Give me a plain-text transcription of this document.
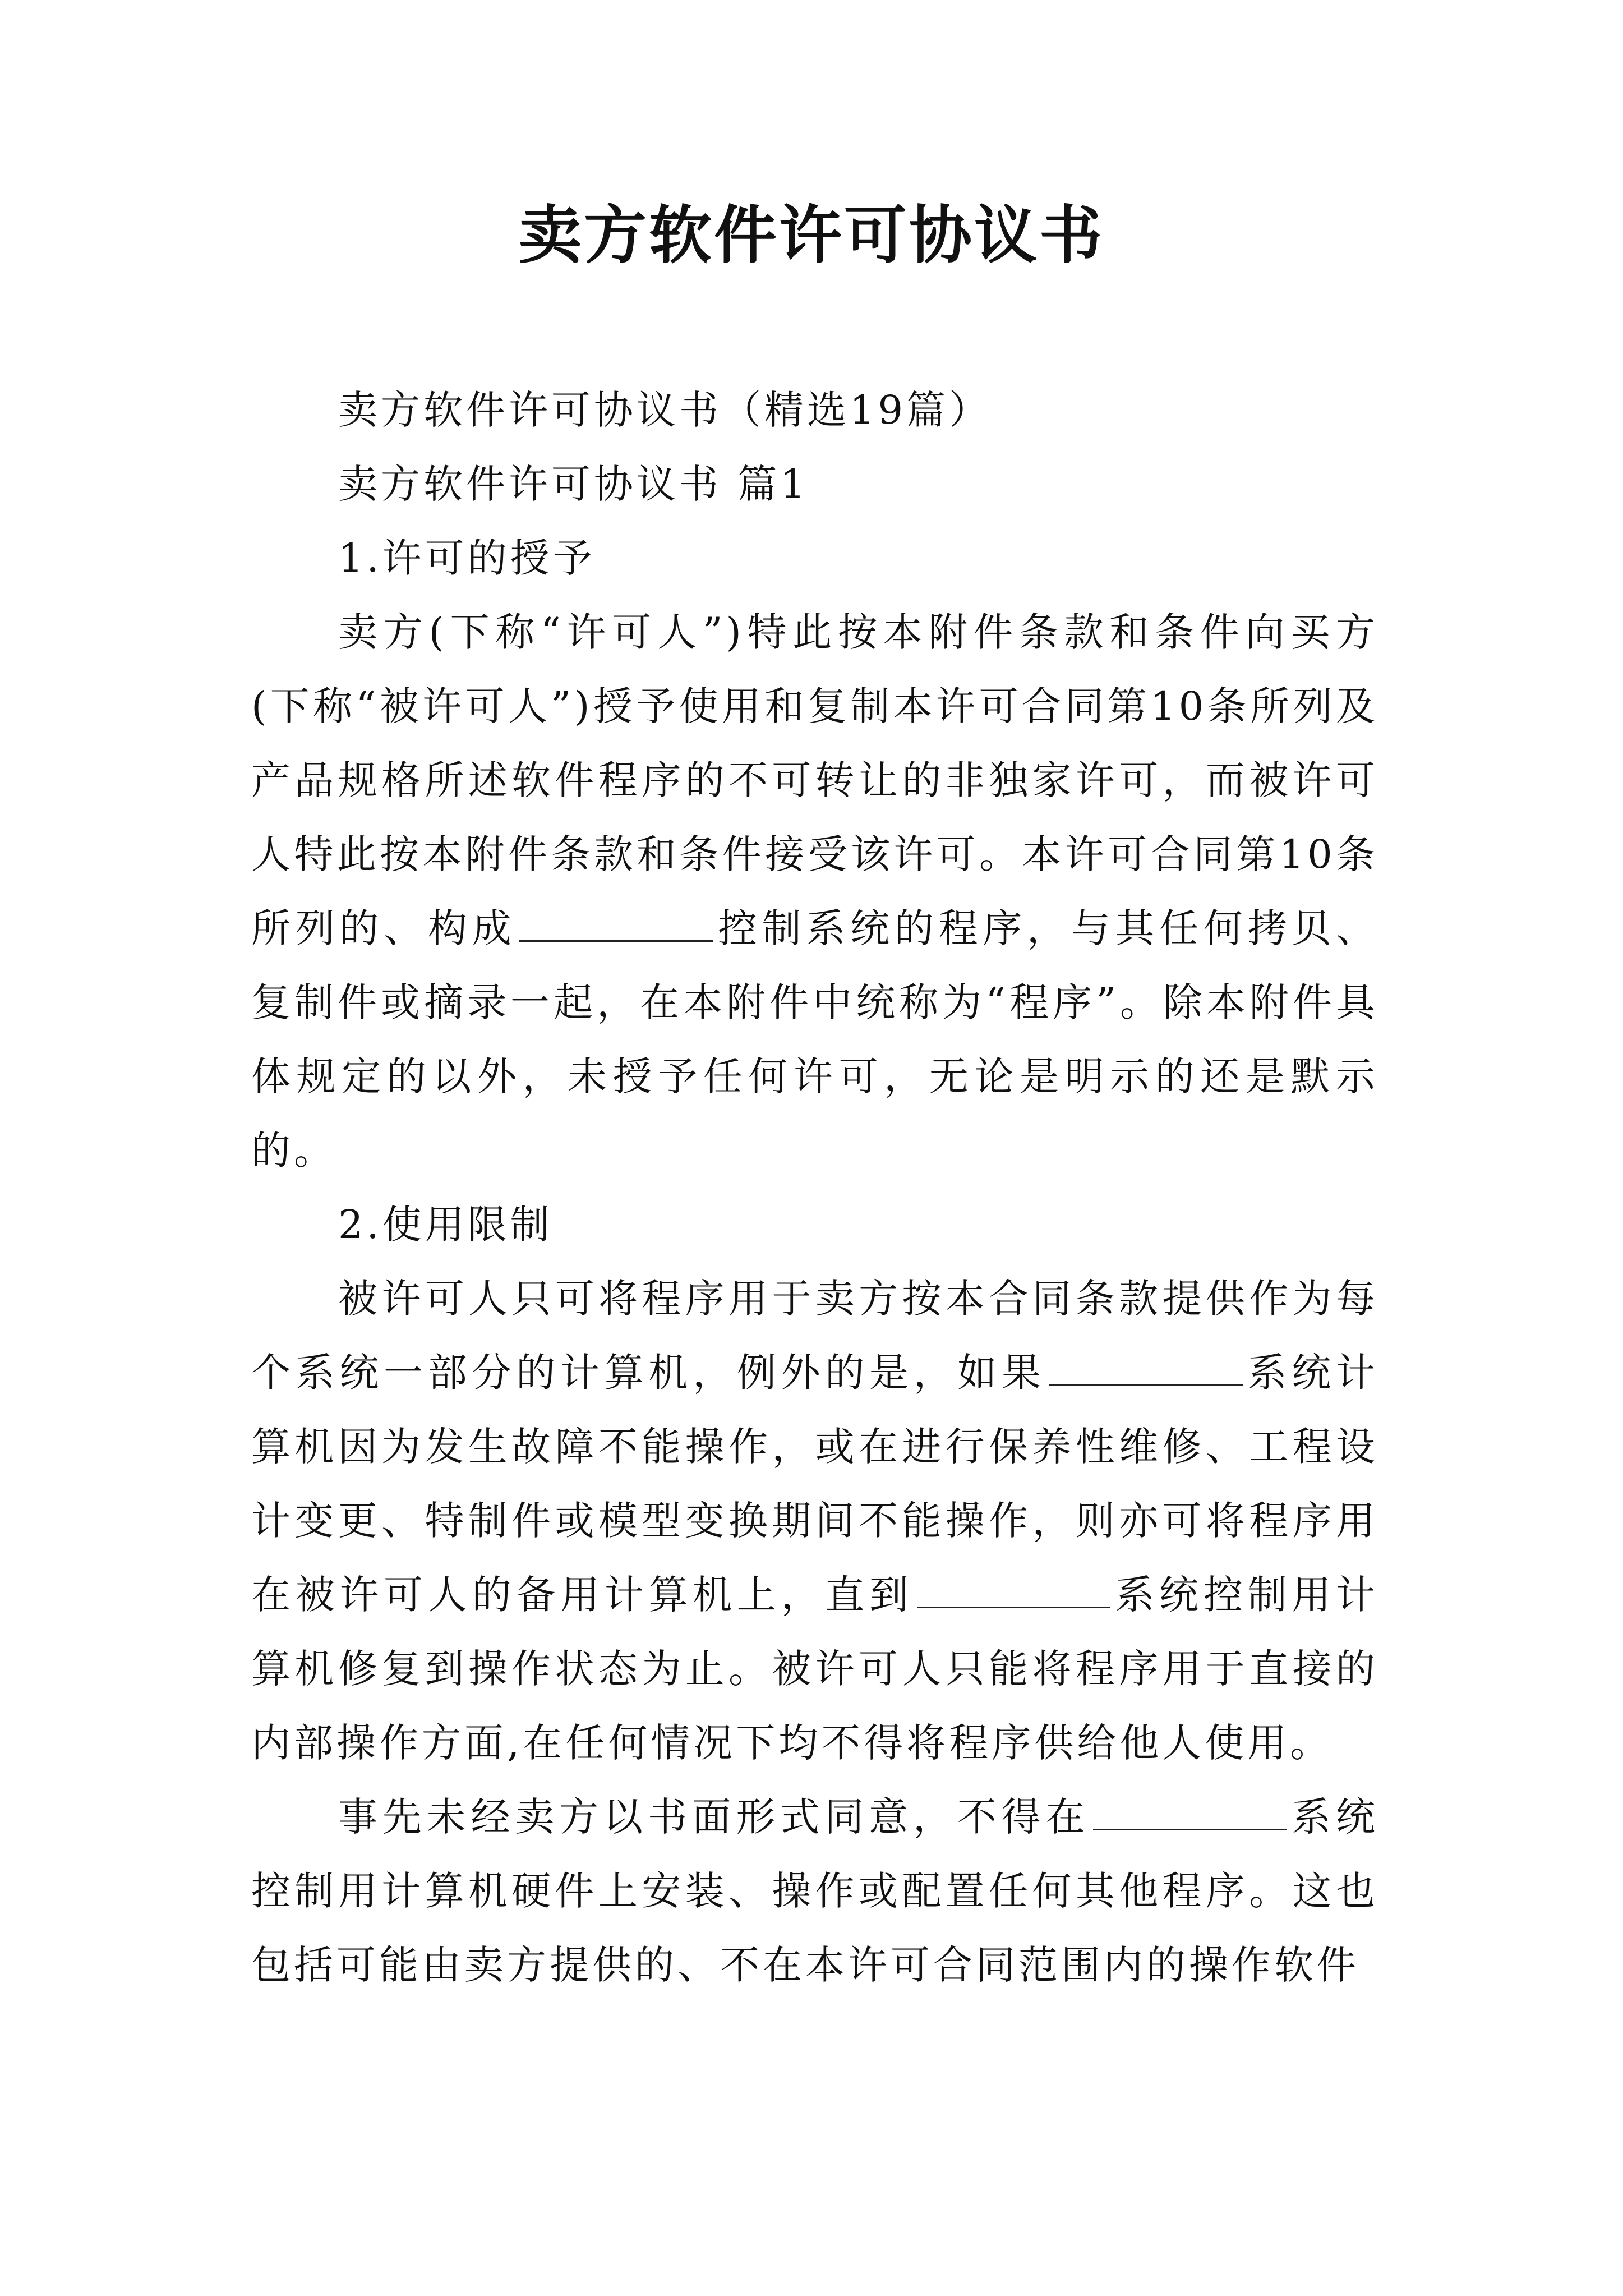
卖方软件许可协议书

卖方软件许可协议书（精选19篇）

卖方软件许可协议书 篇1

1.许可的授予

卖方(下称“许可人”)特此按本附件条款和条件向买方(下称“被许可人”)授予使用和复制本许可合同第10条所列及产品规格所述软件程序的不可转让的非独家许可，而被许可人特此按本附件条款和条件接受该许可。本许可合同第10条所列的、构成	控制系统的程序，与其任何拷贝、复制件或摘录一起，在本附件中统称为“程序”。除本附件具体规定的以外，未授予任何许可，无论是明示的还是默示的。

2.使用限制

被许可人只可将程序用于卖方按本合同条款提供作为每个系统一部分的计算机，例外的是，如果	系统计算机因为发生故障不能操作，或在进行保养性维修、工程设计变更、特制件或模型变换期间不能操作，则亦可将程序用在被许可人的备用计算机上，直到	系统控制用计算机修复到操作状态为止。被许可人只能将程序用于直接的内部操作方面,在任何情况下均不得将程序供给他人使用。

事先未经卖方以书面形式同意，不得在	系统控制用计算机硬件上安装、操作或配置任何其他程序。这也包括可能由卖方提供的、不在本许可合同范围内的操作软件
